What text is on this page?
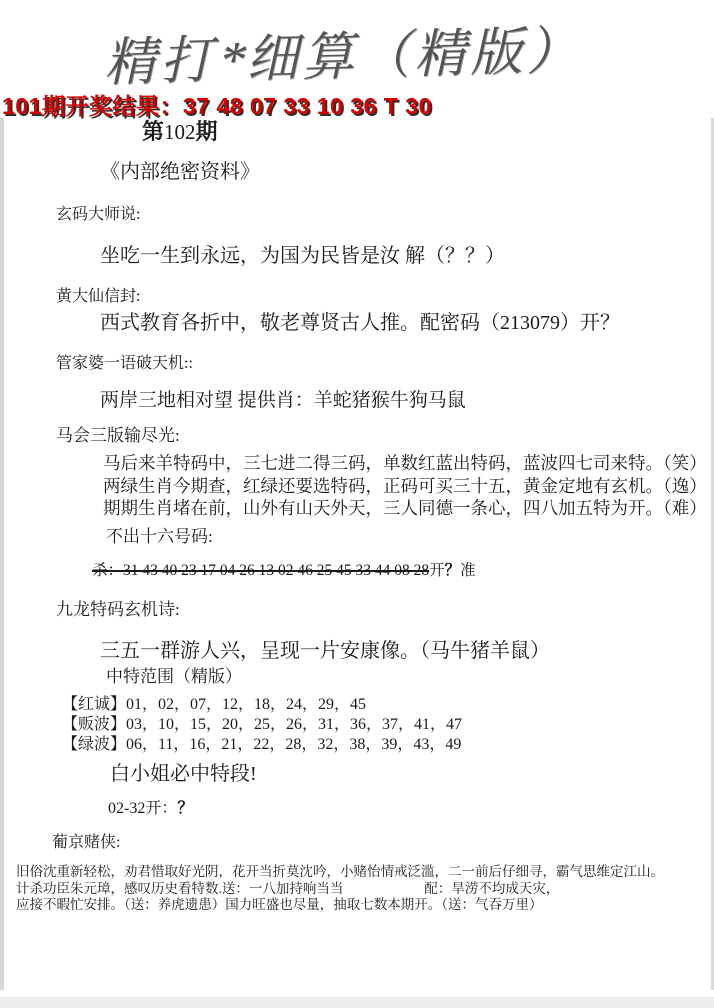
精打*细算（精版）
101期开奖结果：37 48 07 33 10 36 T 30
第102期
《内部绝密资料》
玄码大师说:
坐吃一生到永远，为国为民皆是汝 解（？？）
黄大仙信封:
西式教育各折中，敬老尊贤古人推。配密码（213079）开？
管家婆一语破天机::
两岸三地相对望 提供肖：羊蛇猪猴牛狗马鼠
马会三版输尽光:
马后来羊特码中，三七进二得三码，单数红蓝出特码，蓝波四七司来特。（笑）
两绿生肖今期查，红绿还要选特码，正码可买三十五，黄金定地有玄机。（逸）
期期生肖堵在前，山外有山天外天，三人同德一条心，四八加五特为开。（难）
不出十六号码:
杀：31 43 40 23 17 04 26 13 02 46 25 45 33 44 08 28开？准
九龙特码玄机诗:
三五一群游人兴，呈现一片安康像。（马牛猪羊鼠）
中特范围（精版）
【红诚】01，02，07，12，18，24，29，45
【贩波】03，10，15，20，25，26，31，36，37，41，47
【绿波】06，11，16，21，22，28，32，38，39，43，49
白小姐必中特段!
02-32开：？
葡京赌侠:
旧俗沈重新轻松，劝君惜取好光阴，花开当折莫沈吟，小赌怡情戒泛滥，二一前后仔细寻，霸气思维定江山。
计杀功臣朱元璋，感叹历史看特数.送：一八加持响当当　　　　　　配：旱涝不均成天灾，
应接不暇忙安排。（送：养虎遗患）国力旺盛也尽量，抽取七数本期开。（送：气吞万里）
